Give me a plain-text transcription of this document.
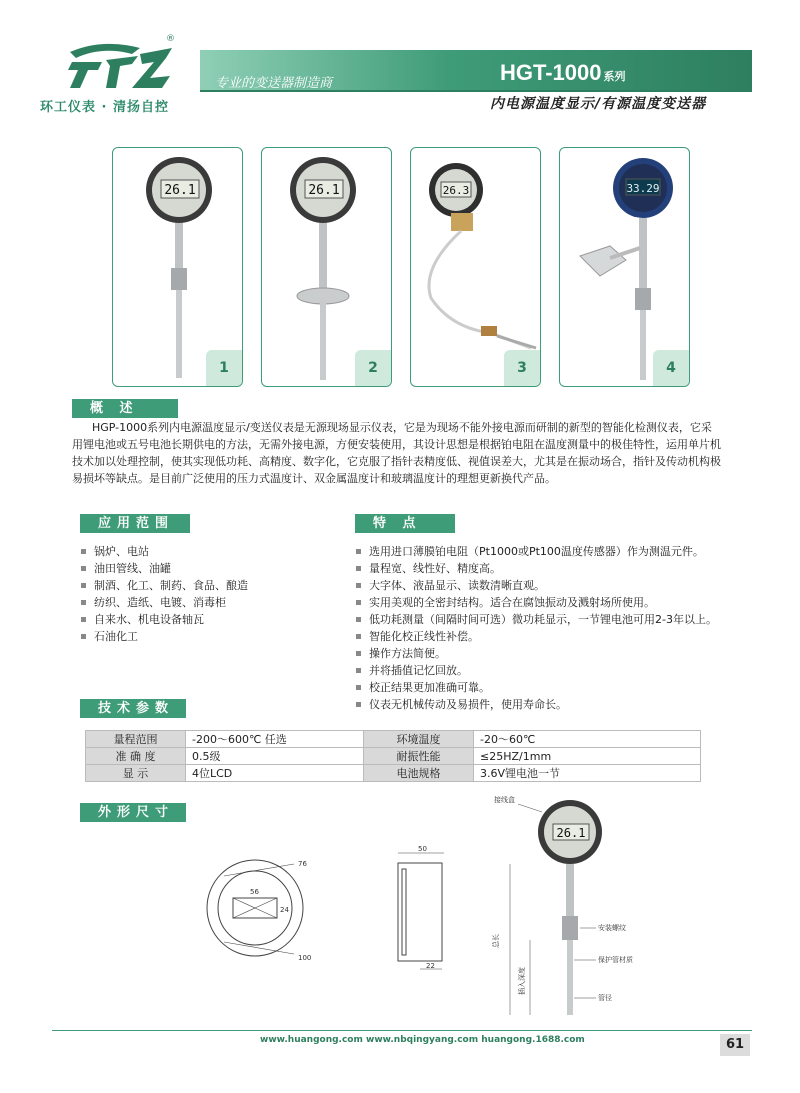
®
环工仪表 · 清扬自控
专业的变送器制造商	HGT-1000 系列
内电源温度显示/有源温度变送器
26.1
1
26.1
2
26.3
3
33.29
4
概 述
HGP-1000系列内电源温度显示/变送仪表是无源现场显示仪表，它是为现场不能外接电源而研制的新型的智能化检测仪表，它采用锂电池或五号电池长期供电的方法，无需外接电源，方便安装使用，其设计思想是根据铂电阻在温度测量中的极佳特性，运用单片机技术加以处理控制，使其实现低功耗、高精度、数字化，它克服了指针表精度低、视值误差大，尤其是在振动场合，指针及传动机构极易损坏等缺点。是目前广泛使用的压力式温度计、双金属温度计和玻璃温度计的理想更新换代产品。
应用范围
锅炉、电站
油田管线、油罐
制酒、化工、制药、食品、酿造
纺织、造纸、电镀、消毒柜
自来水、机电设备轴瓦
石油化工
特 点
选用进口薄膜铂电阻（Pt1000或Pt100温度传感器）作为测温元件。
量程宽、线性好、精度高。
大字体、液晶显示、读数清晰直观。
实用美观的全密封结构。适合在腐蚀振动及溅射场所使用。
低功耗测量（间隔时间可选）微功耗显示，一节锂电池可用2-3年以上。
智能化校正线性补偿。
操作方法简便。
并将插值记忆回放。
校正结果更加准确可靠。
仪表无机械传动及易损件，使用寿命长。
技术参数
量程范围	-200～600℃ 任选	环境温度	-20～60℃
准 确 度	0.5级	耐振性能	≤25HZ/1mm
显 示	4位LCD	电池规格	3.6V锂电池一节
外形尺寸
76
100
56
24
50
22
接线盒
26.1
安装螺纹
保护管材质
管径
总长
插入深度
www.huangong.com www.nbqingyang.com huangong.1688.com	61
